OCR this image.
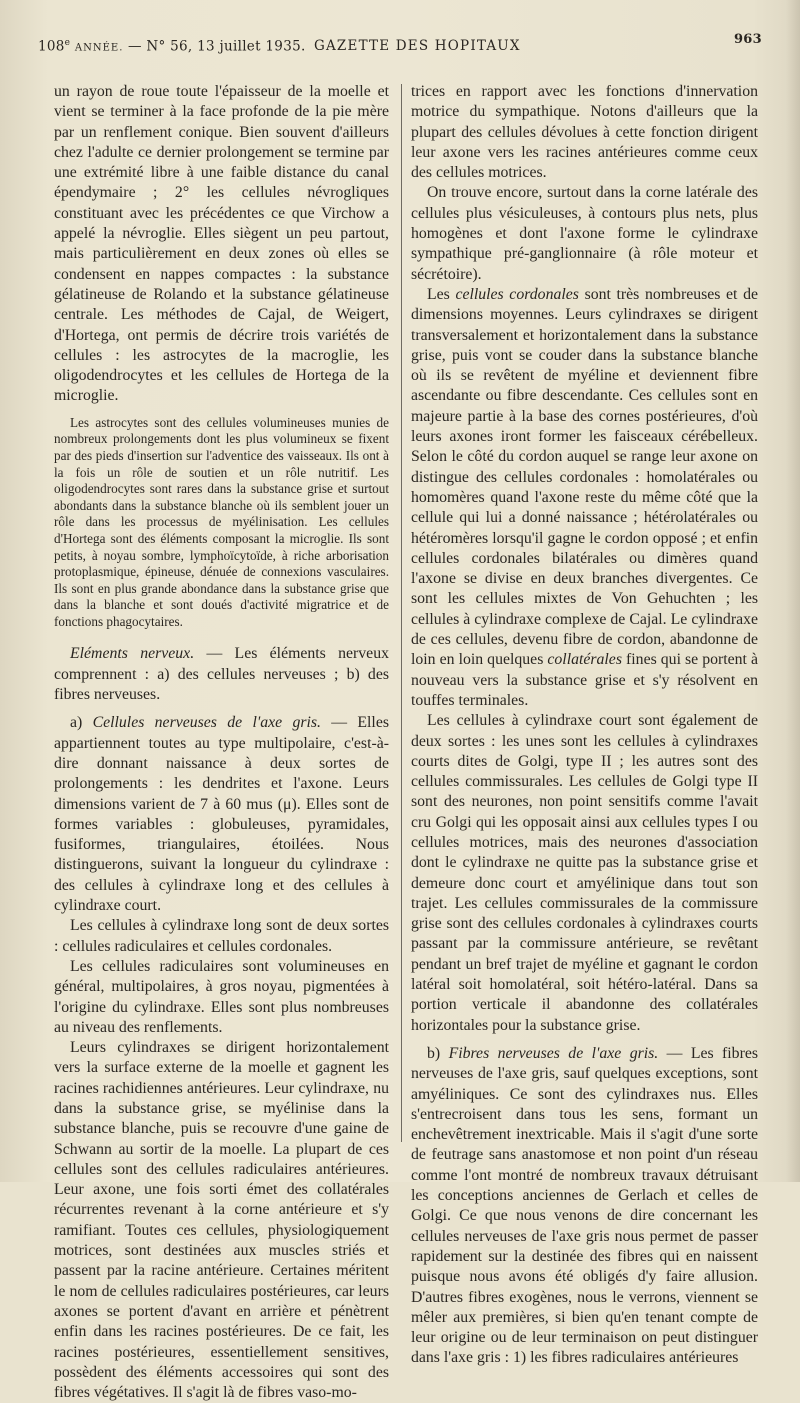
108e ANNÉE. — N° 56, 13 juillet 1935. GAZETTE DES HOPITAUX	963

un rayon de roue toute l'épaisseur de la moelle et vient se terminer à la face profonde de la pie mère par un renflement conique. Bien souvent d'ailleurs chez l'adulte ce dernier prolongement se termine par une extrémité libre à une faible distance du canal épendymaire ; 2° les cellules névrogliques constituant avec les précédentes ce que Virchow a appelé la névroglie. Elles siègent un peu partout, mais particulièrement en deux zones où elles se condensent en nappes compactes : la substance gélatineuse de Rolando et la substance gélatineuse centrale. Les méthodes de Cajal, de Weigert, d'Hortega, ont permis de décrire trois variétés de cellules : les astrocytes de la macroglie, les oligodendrocytes et les cellules de Hortega de la microglie.

Les astrocytes sont des cellules volumineuses munies de nombreux prolongements dont les plus volumineux se fixent par des pieds d'insertion sur l'adventice des vaisseaux. Ils ont à la fois un rôle de soutien et un rôle nutritif. Les oligodendrocytes sont rares dans la substance grise et surtout abondants dans la substance blanche où ils semblent jouer un rôle dans les processus de myélinisation. Les cellules d'Hortega sont des éléments composant la microglie. Ils sont petits, à noyau sombre, lymphoïcytoïde, à riche arborisation protoplasmique, épineuse, dénuée de connexions vasculaires. Ils sont en plus grande abondance dans la substance grise que dans la blanche et sont doués d'activité migratrice et de fonctions phagocytaires.

Eléments nerveux. — Les éléments nerveux comprennent : a) des cellules nerveuses ; b) des fibres nerveuses.

a) Cellules nerveuses de l'axe gris. — Elles appartiennent toutes au type multipolaire, c'est-à-dire donnant naissance à deux sortes de prolongements : les dendrites et l'axone. Leurs dimensions varient de 7 à 60 mus (μ). Elles sont de formes variables : globuleuses, pyramidales, fusiformes, triangulaires, étoilées. Nous distinguerons, suivant la longueur du cylindraxe : des cellules à cylindraxe long et des cellules à cylindraxe court.

Les cellules à cylindraxe long sont de deux sortes : cellules radiculaires et cellules cordonales.

Les cellules radiculaires sont volumineuses en général, multipolaires, à gros noyau, pigmentées à l'origine du cylindraxe. Elles sont plus nombreuses au niveau des renflements.

Leurs cylindraxes se dirigent horizontalement vers la surface externe de la moelle et gagnent les racines rachidiennes antérieures. Leur cylindraxe, nu dans la substance grise, se myélinise dans la substance blanche, puis se recouvre d'une gaine de Schwann au sortir de la moelle. La plupart de ces cellules sont des cellules radiculaires antérieures. Leur axone, une fois sorti émet des collatérales récurrentes revenant à la corne antérieure et s'y ramifiant. Toutes ces cellules, physiologiquement motrices, sont destinées aux muscles striés et passent par la racine antérieure. Certaines méritent le nom de cellules radiculaires postérieures, car leurs axones se portent d'avant en arrière et pénètrent enfin dans les racines postérieures. De ce fait, les racines postérieures, essentiellement sensitives, possèdent des éléments accessoires qui sont des fibres végétatives. Il s'agit là de fibres vaso-mo-

trices en rapport avec les fonctions d'innervation motrice du sympathique. Notons d'ailleurs que la plupart des cellules dévolues à cette fonction dirigent leur axone vers les racines antérieures comme ceux des cellules motrices.

On trouve encore, surtout dans la corne latérale des cellules plus vésiculeuses, à contours plus nets, plus homogènes et dont l'axone forme le cylindraxe sympathique pré-ganglionnaire (à rôle moteur et sécrétoire).

Les cellules cordonales sont très nombreuses et de dimensions moyennes. Leurs cylindraxes se dirigent transversalement et horizontalement dans la substance grise, puis vont se couder dans la substance blanche où ils se revêtent de myéline et deviennent fibre ascendante ou fibre descendante. Ces cellules sont en majeure partie à la base des cornes postérieures, d'où leurs axones iront former les faisceaux cérébelleux. Selon le côté du cordon auquel se range leur axone on distingue des cellules cordonales : homolatérales ou homomères quand l'axone reste du même côté que la cellule qui lui a donné naissance ; hétérolatérales ou hétéromères lorsqu'il gagne le cordon opposé ; et enfin cellules cordonales bilatérales ou dimères quand l'axone se divise en deux branches divergentes. Ce sont les cellules mixtes de Von Gehuchten ; les cellules à cylindraxe complexe de Cajal. Le cylindraxe de ces cellules, devenu fibre de cordon, abandonne de loin en loin quelques collatérales fines qui se portent à nouveau vers la substance grise et s'y résolvent en touffes terminales.

Les cellules à cylindraxe court sont également de deux sortes : les unes sont les cellules à cylindraxes courts dites de Golgi, type II ; les autres sont des cellules commissurales. Les cellules de Golgi type II sont des neurones, non point sensitifs comme l'avait cru Golgi qui les opposait ainsi aux cellules types I ou cellules motrices, mais des neurones d'association dont le cylindraxe ne quitte pas la substance grise et demeure donc court et amyélinique dans tout son trajet. Les cellules commissurales de la commissure grise sont des cellules cordonales à cylindraxes courts passant par la commissure antérieure, se revêtant pendant un bref trajet de myéline et gagnant le cordon latéral soit homolatéral, soit hétéro-latéral. Dans sa portion verticale il abandonne des collatérales horizontales pour la substance grise.

b) Fibres nerveuses de l'axe gris. — Les fibres nerveuses de l'axe gris, sauf quelques exceptions, sont amyéliniques. Ce sont des cylindraxes nus. Elles s'entrecroisent dans tous les sens, formant un enchevêtrement inextricable. Mais il s'agit d'une sorte de feutrage sans anastomose et non point d'un réseau comme l'ont montré de nombreux travaux détruisant les conceptions anciennes de Gerlach et celles de Golgi. Ce que nous venons de dire concernant les cellules nerveuses de l'axe gris nous permet de passer rapidement sur la destinée des fibres qui en naissent puisque nous avons été obligés d'y faire allusion. D'autres fibres exogènes, nous le verrons, viennent se mêler aux premières, si bien qu'en tenant compte de leur origine ou de leur terminaison on peut distinguer dans l'axe gris : 1) les fibres radiculaires antérieures
